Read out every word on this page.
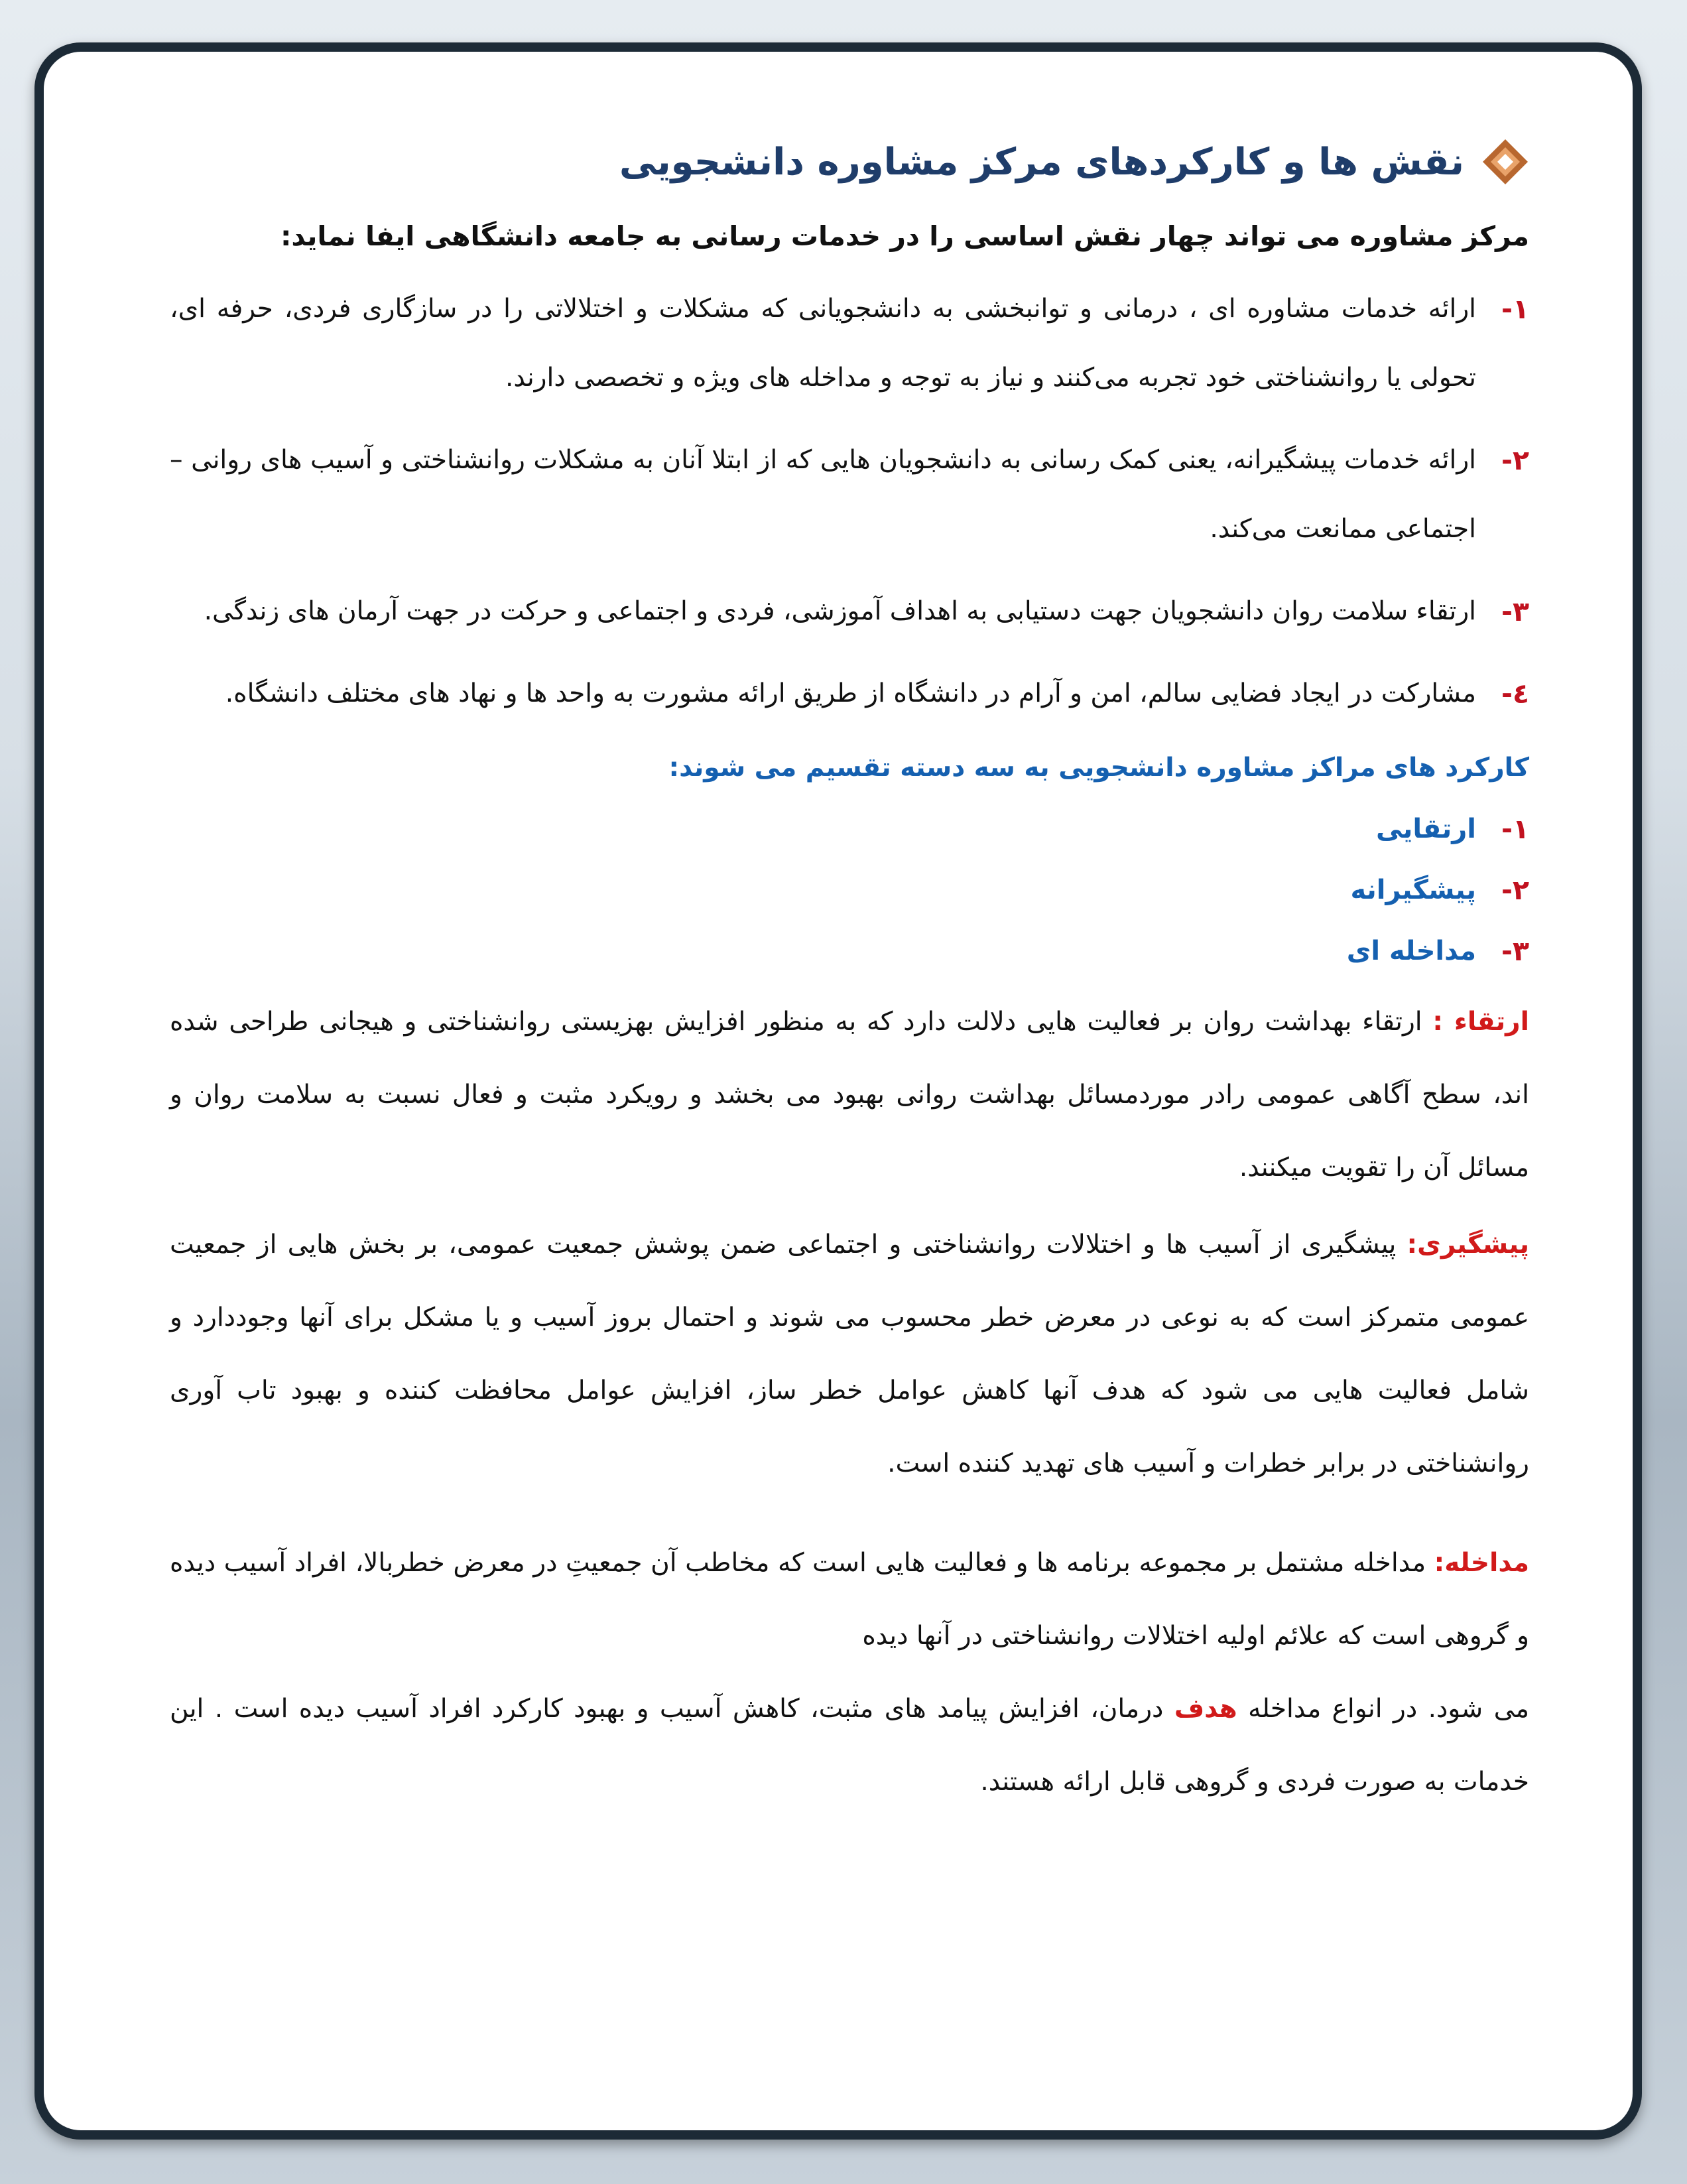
نقش ها و کارکردهای مرکز مشاوره دانشجویی

مرکز مشاوره می تواند چهار نقش اساسی را در خدمات رسانی به جامعه دانشگاهی ایفا نماید:

۱-

ارائه خدمات مشاوره ای ، درمانی و توانبخشی به دانشجویانی که مشکلات و اختلالاتی را در سازگاری فردی، حرفه ای، تحولی یا روانشناختی خود تجربه می‌کنند و نیاز به توجه و مداخله های ویژه و تخصصی دارند.

۲-

ارائه خدمات پیشگیرانه، یعنی کمک رسانی به دانشجویان هایی که از ابتلا آنان به مشکلات روانشناختی و آسیب های روانی – اجتماعی ممانعت می‌کند.

۳-

ارتقاء سلامت روان دانشجویان جهت دستیابی به اهداف آموزشی، فردی و اجتماعی و حرکت در جهت آرمان های زندگی.

٤-

مشارکت در ایجاد فضایی سالم، امن و آرام در دانشگاه از طریق ارائه مشورت به واحد ها و نهاد های مختلف دانشگاه.

کارکرد های مراکز مشاوره دانشجویی به سه دسته تقسیم می شوند:
۱-
ارتقایی
۲-
پیشگیرانه
۳-
مداخله ای

ارتقاء : ارتقاء بهداشت روان بر فعالیت هایی دلالت دارد که به منظور افزایش بهزیستی روانشناختی و هیجانی طراحی شده اند، سطح آگاهی عمومی رادر موردمسائل بهداشت روانی بهبود می بخشد و رویکرد مثبت و فعال نسبت به سلامت روان و مسائل آن را تقویت میکنند.

پیشگیری: پیشگیری از آسیب ها و اختلالات روانشناختی و اجتماعی ضمن پوشش جمعیت عمومی، بر بخش هایی از جمعیت عمومی متمرکز است که به نوعی در معرض خطر محسوب می شوند و احتمال بروز آسیب و یا مشکل برای آنها وجوددارد و شامل فعالیت هایی می شود که هدف آنها کاهش عوامل خطر ساز، افزایش عوامل محافظت کننده و بهبود تاب آوری روانشناختی در برابر خطرات و آسیب های تهدید کننده است.

مداخله: مداخله مشتمل بر مجموعه برنامه ها و فعالیت هایی است که مخاطب آن جمعیتِ در معرض خطربالا، افراد آسیب دیده و گروهی است که علائم اولیه اختلالات روانشناختی در آنها دیده

می شود. در انواع مداخله هدف درمان، افزایش پیامد های مثبت، کاهش آسیب و بهبود کارکرد افراد آسیب دیده است . این خدمات به صورت فردی و گروهی قابل ارائه هستند.
